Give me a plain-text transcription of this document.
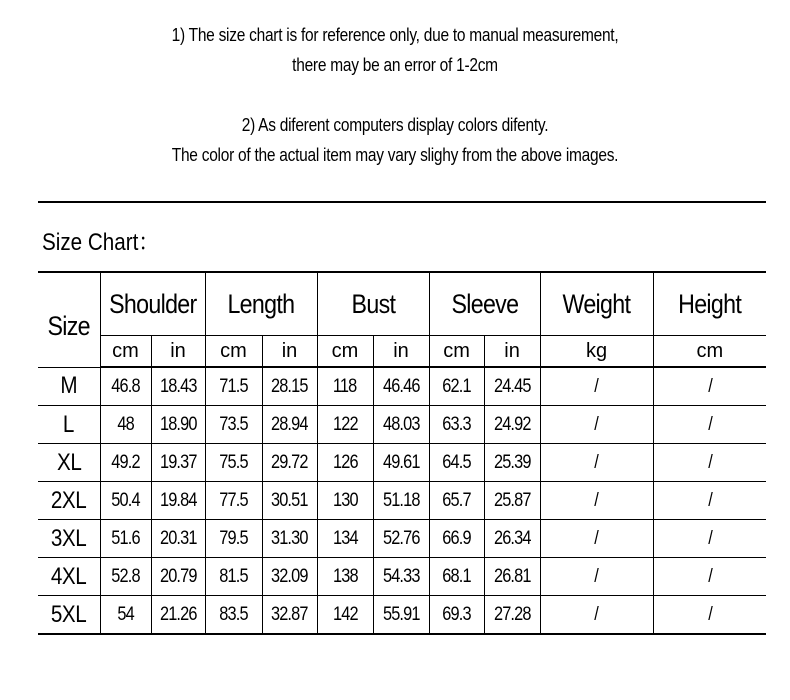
1) The size chart is for reference only, due to manual measurement,

there may be an error of 1-2cm

2) As diferent computers display colors difenty.

The color of the actual item may vary slighy from the above images.

Size Chart：
Size	Shoulder		Length		Bust		Sleeve		Weight	Height
	cm	in	cm	in	cm	in	cm	in	kg	cm
M	46.8	18.43	71.5	28.15	118	46.46	62.1	24.45	/	/
L	48	18.90	73.5	28.94	122	48.03	63.3	24.92	/	/
XL	49.2	19.37	75.5	29.72	126	49.61	64.5	25.39	/	/
2XL	50.4	19.84	77.5	30.51	130	51.18	65.7	25.87	/	/
3XL	51.6	20.31	79.5	31.30	134	52.76	66.9	26.34	/	/
4XL	52.8	20.79	81.5	32.09	138	54.33	68.1	26.81	/	/
5XL	54	21.26	83.5	32.87	142	55.91	69.3	27.28	/	/
